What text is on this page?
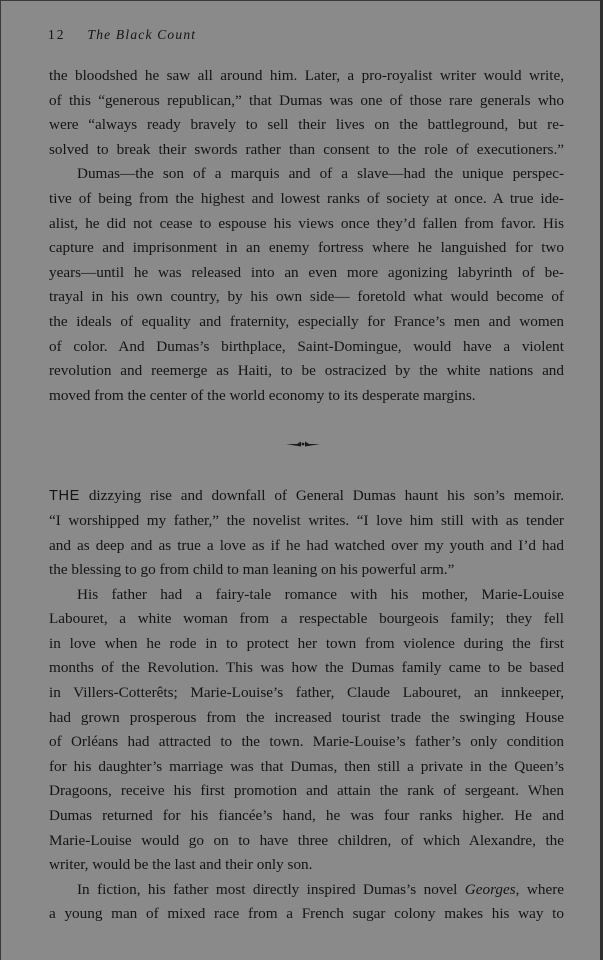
12 The Black Count
the bloodshed he saw all around him. Later, a pro-royalist writer would write,
of this “generous republican,” that Dumas was one of those rare generals who
were “always ready bravely to sell their lives on the battleground, but re-
solved to break their swords rather than consent to the role of executioners.”
Dumas—the son of a marquis and of a slave—had the unique perspec-
tive of being from the highest and lowest ranks of society at once. A true ide-
alist, he did not cease to espouse his views once they’d fallen from favor. His
capture and imprisonment in an enemy fortress where he languished for two
years—until he was released into an even more agonizing labyrinth of be-
trayal in his own country, by his own side— foretold what would become of
the ideals of equality and fraternity, especially for France’s men and women
of color. And Dumas’s birthplace, Saint-Domingue, would have a violent
revolution and reemerge as Haiti, to be ostracized by the white nations and
moved from the center of the world economy to its desperate margins.
THE dizzying rise and downfall of General Dumas haunt his son’s memoir.
“I worshipped my father,” the novelist writes. “I love him still with as tender
and as deep and as true a love as if he had watched over my youth and I’d had
the blessing to go from child to man leaning on his powerful arm.”
His father had a fairy-tale romance with his mother, Marie-Louise
Labouret, a white woman from a respectable bourgeois family; they fell
in love when he rode in to protect her town from violence during the first
months of the Revolution. This was how the Dumas family came to be based
in Villers-Cotterêts; Marie-Louise’s father, Claude Labouret, an innkeeper,
had grown prosperous from the increased tourist trade the swinging House
of Orléans had attracted to the town. Marie-Louise’s father’s only condition
for his daughter’s marriage was that Dumas, then still a private in the Queen’s
Dragoons, receive his first promotion and attain the rank of sergeant. When
Dumas returned for his fiancée’s hand, he was four ranks higher. He and
Marie-Louise would go on to have three children, of which Alexandre, the
writer, would be the last and their only son.
In fiction, his father most directly inspired Dumas’s novel Georges, where
a young man of mixed race from a French sugar colony makes his way to
